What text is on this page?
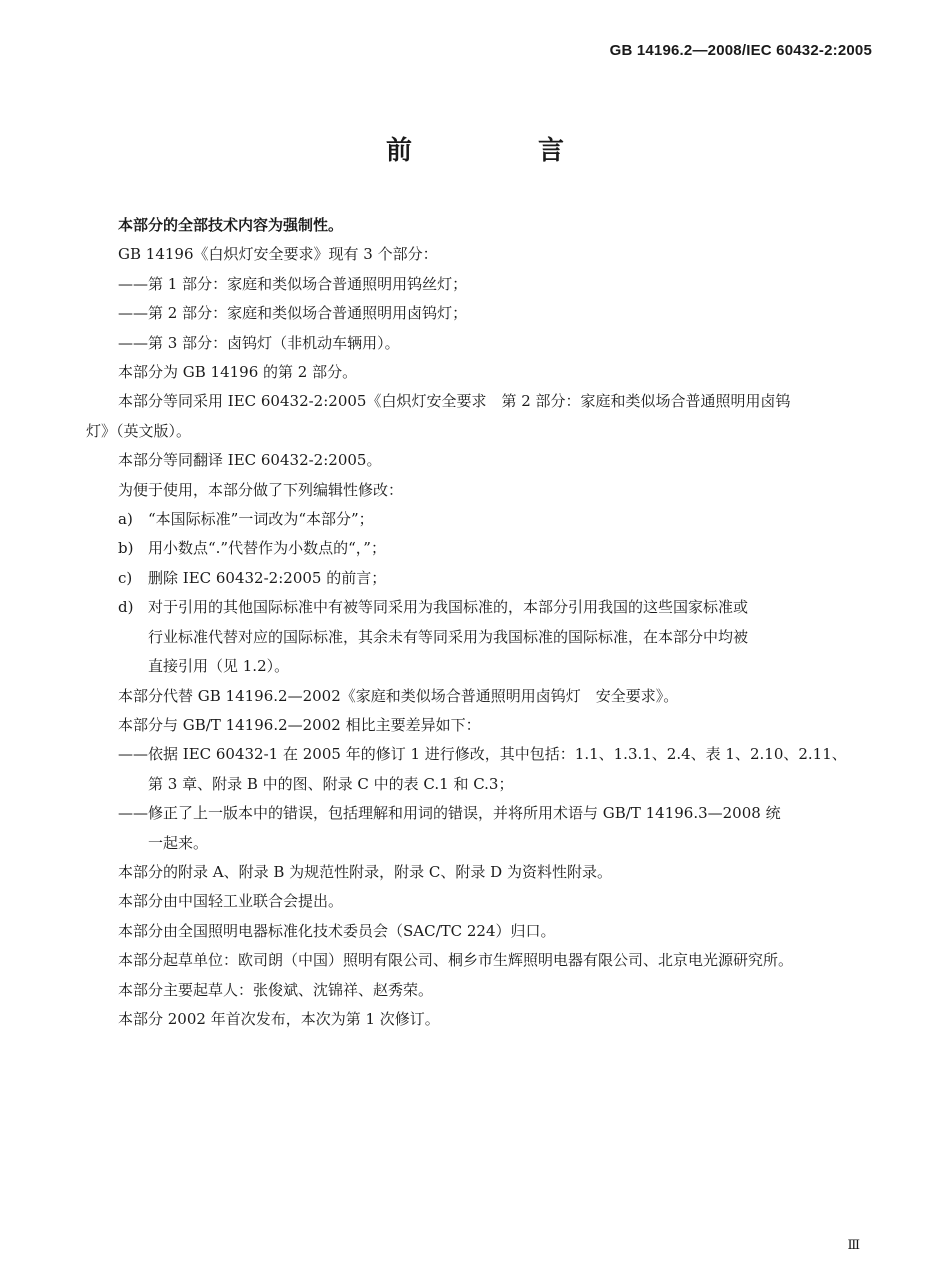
GB 14196.2—2008/IEC 60432-2:2005
前　言

本部分的全部技术内容为强制性。

GB 14196《白炽灯安全要求》现有 3 个部分：

——第 1 部分：家庭和类似场合普通照明用钨丝灯；

——第 2 部分：家庭和类似场合普通照明用卤钨灯；

——第 3 部分：卤钨灯（非机动车辆用）。

本部分为 GB 14196 的第 2 部分。

本部分等同采用 IEC 60432-2:2005《白炽灯安全要求　第 2 部分：家庭和类似场合普通照明用卤钨

灯》（英文版）。

本部分等同翻译 IEC 60432-2:2005。

为便于使用，本部分做了下列编辑性修改：

a)	“本国际标准”一词改为“本部分”；
b) 用小数点“.”代替作为小数点的“，”；
c)	删除 IEC 60432-2:2005 的前言；
d) 对于引用的其他国际标准中有被等同采用为我国标准的，本部分引用我国的这些国家标准或

行业标准代替对应的国际标准，其余未有等同采用为我国标准的国际标准，在本部分中均被

直接引用（见 1.2）。

本部分代替 GB 14196.2—2002《家庭和类似场合普通照明用卤钨灯　安全要求》。

本部分与 GB/T 14196.2—2002 相比主要差异如下：

——依据 IEC 60432-1 在 2005 年的修订 1 进行修改，其中包括：1.1、1.3.1、2.4、表 1、2.10、2.11、

第 3 章、附录 B 中的图、附录 C 中的表 C.1 和 C.3；

——修正了上一版本中的错误，包括理解和用词的错误，并将所用术语与 GB/T 14196.3—2008 统

一起来。

本部分的附录 A、附录 B 为规范性附录，附录 C、附录 D 为资料性附录。

本部分由中国轻工业联合会提出。

本部分由全国照明电器标准化技术委员会（SAC/TC 224）归口。

本部分起草单位：欧司朗（中国）照明有限公司、桐乡市生辉照明电器有限公司、北京电光源研究所。

本部分主要起草人：张俊斌、沈锦祥、赵秀荣。

本部分 2002 年首次发布，本次为第 1 次修订。

Ⅲ
